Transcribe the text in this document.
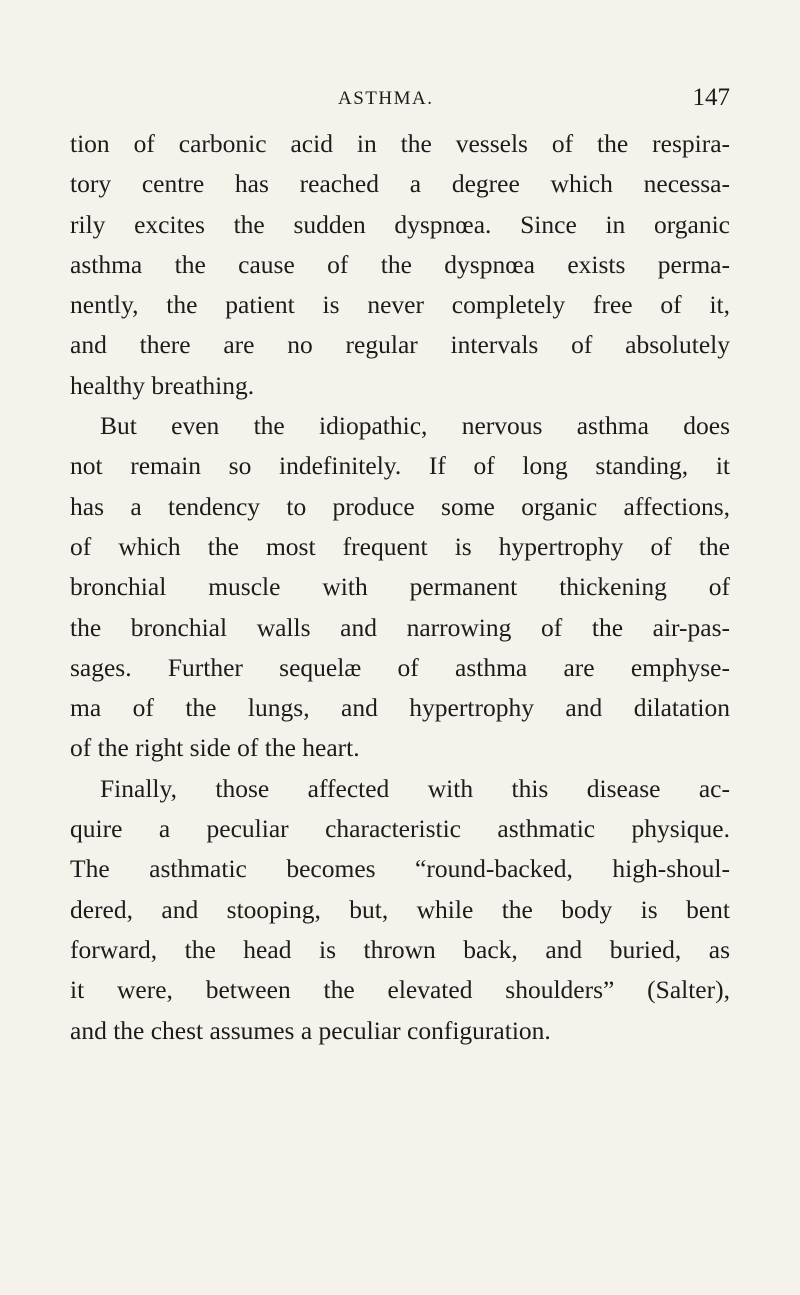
ASTHMA.	147
tion of carbonic acid in the vessels of the respira-
tory centre has reached a degree which necessa-
rily excites the sudden dyspnœa. Since in organic
asthma the cause of the dyspnœa exists perma-
nently, the patient is never completely free of it,
and there are no regular intervals of absolutely
healthy breathing.
But even the idiopathic, nervous asthma does
not remain so indefinitely. If of long standing, it
has a tendency to produce some organic affections,
of which the most frequent is hypertrophy of the
bronchial muscle with permanent thickening of
the bronchial walls and narrowing of the air-pas-
sages. Further sequelæ of asthma are emphyse-
ma of the lungs, and hypertrophy and dilatation
of the right side of the heart.
Finally, those affected with this disease ac-
quire a peculiar characteristic asthmatic physique.
The asthmatic becomes “round-backed, high-shoul-
dered, and stooping, but, while the body is bent
forward, the head is thrown back, and buried, as
it were, between the elevated shoulders” (Salter),
and the chest assumes a peculiar configuration.
